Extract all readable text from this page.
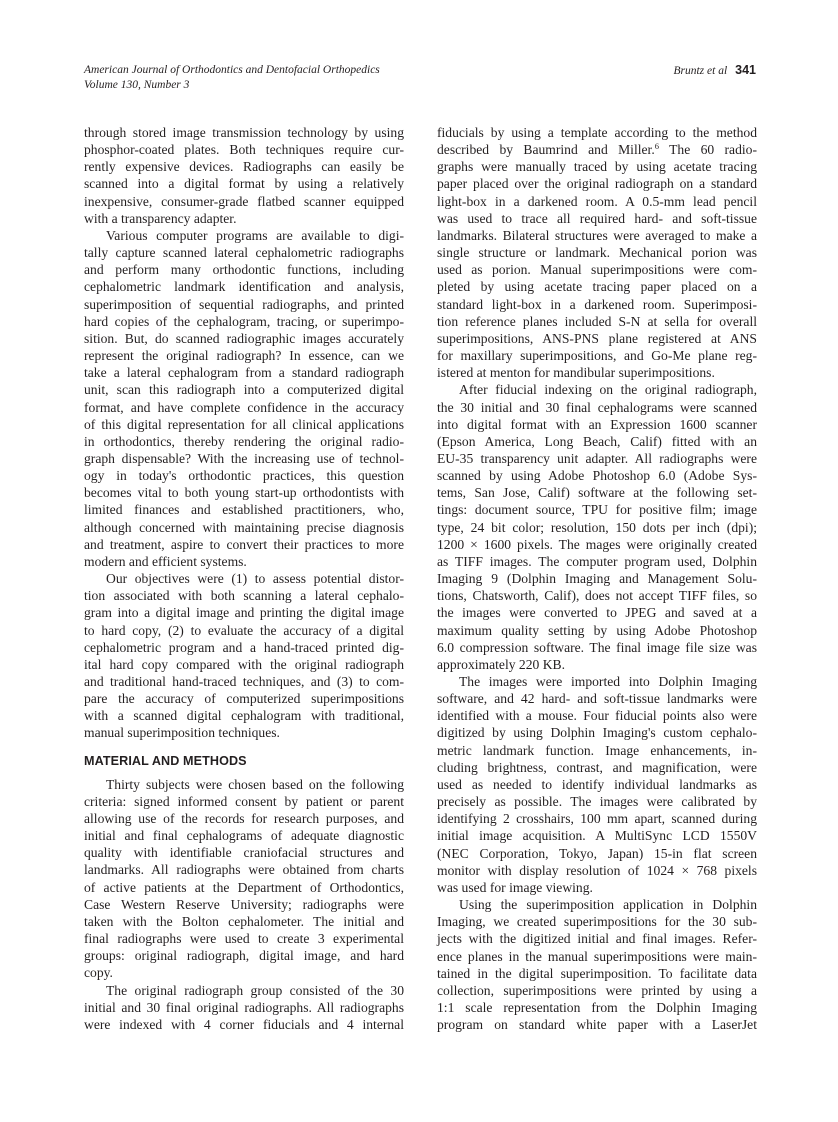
American Journal of Orthodontics and Dentofacial Orthopedics
Volume 130, Number 3
Bruntz et al 341

through stored image transmission technology by using
phosphor-coated plates. Both techniques require cur-
rently expensive devices. Radiographs can easily be
scanned into a digital format by using a relatively
inexpensive, consumer-grade flatbed scanner equipped
with a transparency adapter.

Various computer programs are available to digi-
tally capture scanned lateral cephalometric radiographs
and perform many orthodontic functions, including
cephalometric landmark identification and analysis,
superimposition of sequential radiographs, and printed
hard copies of the cephalogram, tracing, or superimpo-
sition. But, do scanned radiographic images accurately
represent the original radiograph? In essence, can we
take a lateral cephalogram from a standard radiograph
unit, scan this radiograph into a computerized digital
format, and have complete confidence in the accuracy
of this digital representation for all clinical applications
in orthodontics, thereby rendering the original radio-
graph dispensable? With the increasing use of technol-
ogy in today's orthodontic practices, this question
becomes vital to both young start-up orthodontists with
limited finances and established practitioners, who,
although concerned with maintaining precise diagnosis
and treatment, aspire to convert their practices to more
modern and efficient systems.

Our objectives were (1) to assess potential distor-
tion associated with both scanning a lateral cephalo-
gram into a digital image and printing the digital image
to hard copy, (2) to evaluate the accuracy of a digital
cephalometric program and a hand-traced printed dig-
ital hard copy compared with the original radiograph
and traditional hand-traced techniques, and (3) to com-
pare the accuracy of computerized superimpositions
with a scanned digital cephalogram with traditional,
manual superimposition techniques.

MATERIAL AND METHODS

Thirty subjects were chosen based on the following
criteria: signed informed consent by patient or parent
allowing use of the records for research purposes, and
initial and final cephalograms of adequate diagnostic
quality with identifiable craniofacial structures and
landmarks. All radiographs were obtained from charts
of active patients at the Department of Orthodontics,
Case Western Reserve University; radiographs were
taken with the Bolton cephalometer. The initial and
final radiographs were used to create 3 experimental
groups: original radiograph, digital image, and hard
copy.

The original radiograph group consisted of the 30
initial and 30 final original radiographs. All radiographs
were indexed with 4 corner fiducials and 4 internal

fiducials by using a template according to the method
described by Baumrind and Miller.$^6$ The 60 radio-
graphs were manually traced by using acetate tracing
paper placed over the original radiograph on a standard
light-box in a darkened room. A 0.5-mm lead pencil
was used to trace all required hard- and soft-tissue
landmarks. Bilateral structures were averaged to make a
single structure or landmark. Mechanical porion was
used as porion. Manual superimpositions were com-
pleted by using acetate tracing paper placed on a
standard light-box in a darkened room. Superimposi-
tion reference planes included S-N at sella for overall
superimpositions, ANS-PNS plane registered at ANS
for maxillary superimpositions, and Go-Me plane reg-
istered at menton for mandibular superimpositions.

After fiducial indexing on the original radiograph,
the 30 initial and 30 final cephalograms were scanned
into digital format with an Expression 1600 scanner
(Epson America, Long Beach, Calif) fitted with an
EU-35 transparency unit adapter. All radiographs were
scanned by using Adobe Photoshop 6.0 (Adobe Sys-
tems, San Jose, Calif) software at the following set-
tings: document source, TPU for positive film; image
type, 24 bit color; resolution, 150 dots per inch (dpi);
1200 × 1600 pixels. The mages were originally created
as TIFF images. The computer program used, Dolphin
Imaging 9 (Dolphin Imaging and Management Solu-
tions, Chatsworth, Calif), does not accept TIFF files, so
the images were converted to JPEG and saved at a
maximum quality setting by using Adobe Photoshop
6.0 compression software. The final image file size was
approximately 220 KB.

The images were imported into Dolphin Imaging
software, and 42 hard- and soft-tissue landmarks were
identified with a mouse. Four fiducial points also were
digitized by using Dolphin Imaging's custom cephalo-
metric landmark function. Image enhancements, in-
cluding brightness, contrast, and magnification, were
used as needed to identify individual landmarks as
precisely as possible. The images were calibrated by
identifying 2 crosshairs, 100 mm apart, scanned during
initial image acquisition. A MultiSync LCD 1550V
(NEC Corporation, Tokyo, Japan) 15-in flat screen
monitor with display resolution of 1024 × 768 pixels
was used for image viewing.

Using the superimposition application in Dolphin
Imaging, we created superimpositions for the 30 sub-
jects with the digitized initial and final images. Refer-
ence planes in the manual superimpositions were main-
tained in the digital superimposition. To facilitate data
collection, superimpositions were printed by using a
1:1 scale representation from the Dolphin Imaging
program on standard white paper with a LaserJet
